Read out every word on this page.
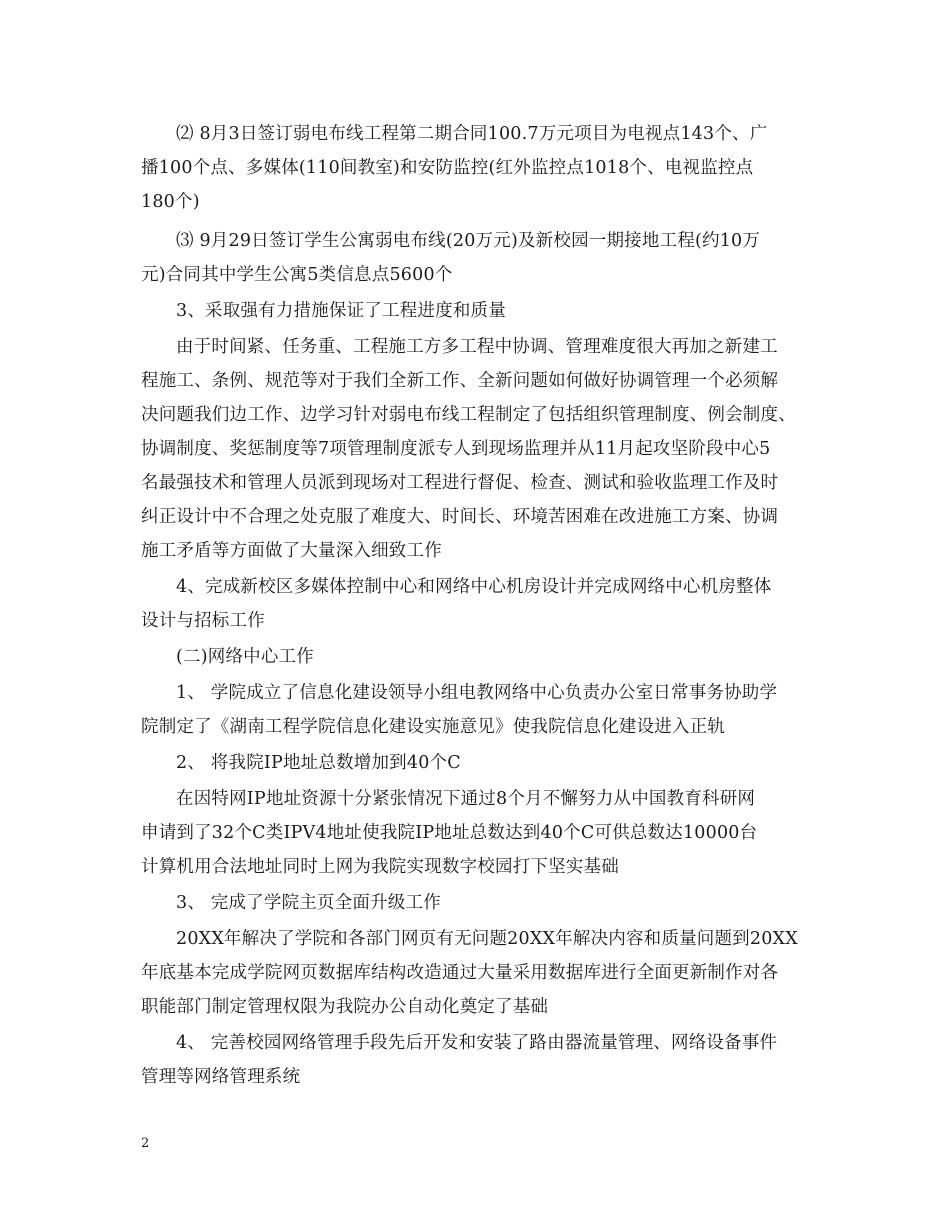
⑵ 8月3日签订弱电布线工程第二期合同100.7万元项目为电视点143个、广
播100个点、多媒体(110间教室)和安防监控(红外监控点1018个、电视监控点
180个)
⑶ 9月29日签订学生公寓弱电布线(20万元)及新校园一期接地工程(约10万
元)合同其中学生公寓5类信息点5600个
3、采取强有力措施保证了工程进度和质量
由于时间紧、任务重、工程施工方多工程中协调、管理难度很大再加之新建工
程施工、条例、规范等对于我们全新工作、全新问题如何做好协调管理一个必须解
决问题我们边工作、边学习针对弱电布线工程制定了包括组织管理制度、例会制度、
协调制度、奖惩制度等7项管理制度派专人到现场监理并从11月起攻坚阶段中心5
名最强技术和管理人员派到现场对工程进行督促、检查、测试和验收监理工作及时
纠正设计中不合理之处克服了难度大、时间长、环境苦困难在改进施工方案、协调
施工矛盾等方面做了大量深入细致工作
4、完成新校区多媒体控制中心和网络中心机房设计并完成网络中心机房整体
设计与招标工作
(二)网络中心工作
1、 学院成立了信息化建设领导小组电教网络中心负责办公室日常事务协助学
院制定了《湖南工程学院信息化建设实施意见》使我院信息化建设进入正轨
2、 将我院IP地址总数增加到40个C
在因特网IP地址资源十分紧张情况下通过8个月不懈努力从中国教育科研网
申请到了32个C类IPV4地址使我院IP地址总数达到40个C可供总数达10000台
计算机用合法地址同时上网为我院实现数字校园打下坚实基础
3、 完成了学院主页全面升级工作
20XX年解决了学院和各部门网页有无问题20XX年解决内容和质量问题到20XX
年底基本完成学院网页数据库结构改造通过大量采用数据库进行全面更新制作对各
职能部门制定管理权限为我院办公自动化奠定了基础
4、 完善校园网络管理手段先后开发和安装了路由器流量管理、网络设备事件
管理等网络管理系统
2
